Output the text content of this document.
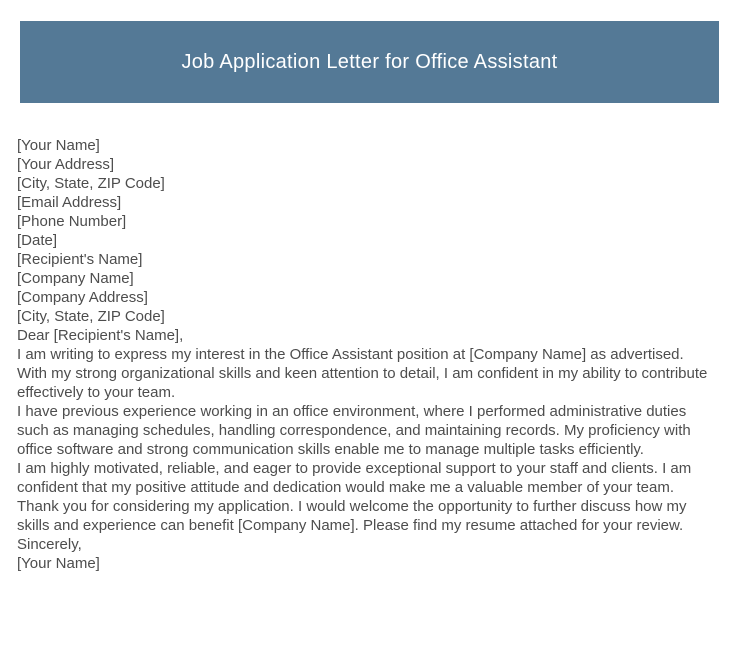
Job Application Letter for Office Assistant
[Your Name]
[Your Address]
[City, State, ZIP Code]
[Email Address]
[Phone Number]
[Date]
[Recipient's Name]
[Company Name]
[Company Address]
[City, State, ZIP Code]
Dear [Recipient's Name],

I am writing to express my interest in the Office Assistant position at [Company Name] as advertised. With my strong organizational skills and keen attention to detail, I am confident in my ability to contribute effectively to your team.

I have previous experience working in an office environment, where I performed administrative duties such as managing schedules, handling correspondence, and maintaining records. My proficiency with office software and strong communication skills enable me to manage multiple tasks efficiently.

I am highly motivated, reliable, and eager to provide exceptional support to your staff and clients. I am confident that my positive attitude and dedication would make me a valuable member of your team.

Thank you for considering my application. I would welcome the opportunity to further discuss how my skills and experience can benefit [Company Name]. Please find my resume attached for your review.

Sincerely,
[Your Name]
